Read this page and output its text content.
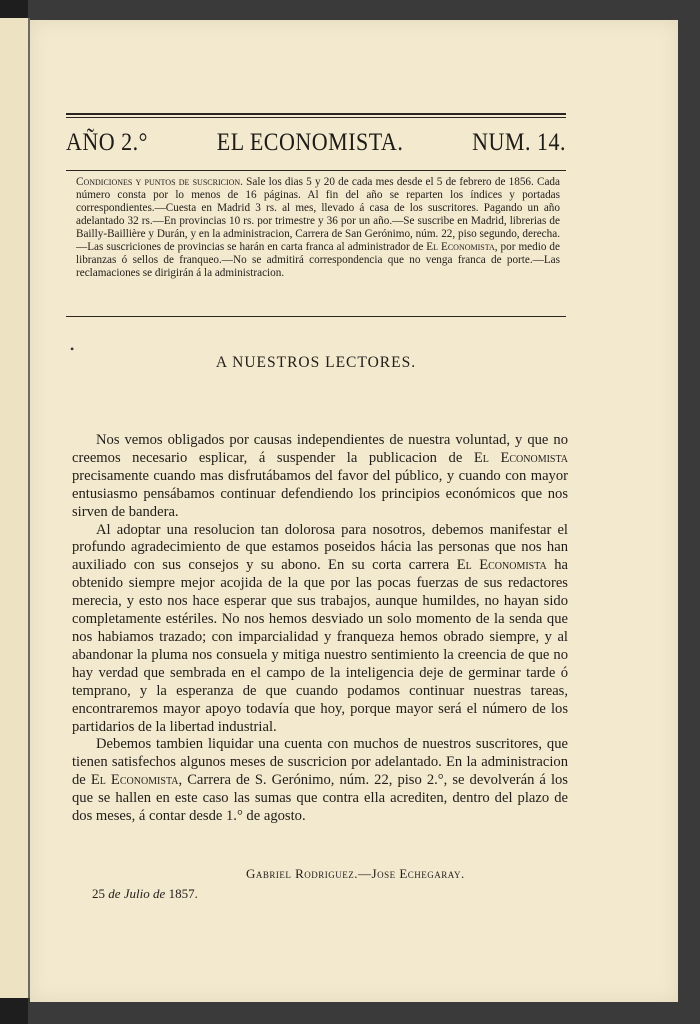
AÑO 2.°	EL ECONOMISTA.	NUM. 14.
Condiciones y puntos de suscricion. Sale los dias 5 y 20 de cada mes desde el 5 de febrero de 1856. Cada número consta por lo menos de 16 páginas. Al fin del año se reparten los índices y portadas correspondientes.—Cuesta en Madrid 3 rs. al mes, llevado á casa de los suscritores. Pagando un año adelantado 32 rs.—En provincias 10 rs. por trimestre y 36 por un año.—Se suscribe en Madrid, librerias de Bailly-Baillière y Durán, y en la administracion, Carrera de San Gerónimo, núm. 22, piso segundo, derecha.—Las suscriciones de provincias se harán en carta franca al administrador de El Economista, por medio de libranzas ó sellos de franqueo.—No se admitirá correspondencia que no venga franca de porte.—Las reclamaciones se dirigirán á la administracion.
•
A NUESTROS LECTORES.

Nos vemos obligados por causas independientes de nuestra voluntad, y que no creemos necesario esplicar, á suspender la publicacion de El Economista precisamente cuando mas disfrutábamos del favor del público, y cuando con mayor entusiasmo pensábamos continuar defendiendo los principios económicos que nos sirven de bandera.

Al adoptar una resolucion tan dolorosa para nosotros, debemos manifestar el profundo agradecimiento de que estamos poseidos hácia las personas que nos han auxiliado con sus consejos y su abono. En su corta carrera El Economista ha obtenido siempre mejor acojida de la que por las pocas fuerzas de sus redactores merecia, y esto nos hace esperar que sus trabajos, aunque humildes, no hayan sido completamente estériles. No nos hemos desviado un solo momento de la senda que nos habiamos trazado; con imparcialidad y franqueza hemos obrado siempre, y al abandonar la pluma nos consuela y mitiga nuestro sentimiento la creencia de que no hay verdad que sembrada en el campo de la inteligencia deje de germinar tarde ó temprano, y la esperanza de que cuando podamos continuar nuestras tareas, encontraremos mayor apoyo todavía que hoy, porque mayor será el número de los partidarios de la libertad industrial.

Debemos tambien liquidar una cuenta con muchos de nuestros suscritores, que tienen satisfechos algunos meses de suscricion por adelantado. En la administracion de El Economista, Carrera de S. Gerónimo, núm. 22, piso 2.°, se devolverán á los que se hallen en este caso las sumas que contra ella acrediten, dentro del plazo de dos meses, á contar desde 1.° de agosto.

Gabriel Rodriguez.—Jose Echegaray.
25 de Julio de 1857.
